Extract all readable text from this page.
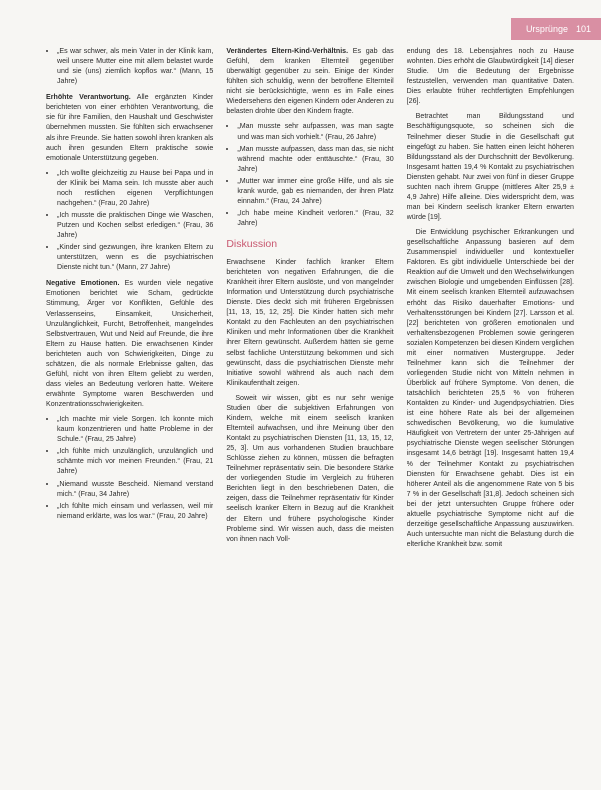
Ursprünge 101
• „Es war schwer, als mein Vater in der Klinik kam, weil unsere Mutter eine mit allem belastet wurde und sie (uns) ziemlich kopflos war.“ (Mann, 15 Jahre)

Erhöhte Verantwortung. Alle ergänzten Kinder berichteten von einer erhöhten Verantwortung, die sie für ihre Familien, den Haushalt und Geschwister übernehmen mussten. Sie fühlten sich erwachsener als ihre Freunde. Sie hatten sowohl ihren kranken als auch ihren gesunden Eltern praktische sowie emotionale Unterstützung gegeben.

• „Ich wollte gleichzeitig zu Hause bei Papa und in der Klinik bei Mama sein. Ich musste aber auch noch restlichen eigenen Verpflichtungen nachgehen.“ (Frau, 20 Jahre)
• „Ich musste die praktischen Dinge wie Waschen, Putzen und Kochen selbst erledigen.“ (Frau, 36 Jahre)
• „Kinder sind gezwungen, ihre kranken Eltern zu unterstützen, wenn es die psychiatrischen Dienste nicht tun.“ (Mann, 27 Jahre)

Negative Emotionen. Es wurden viele negative Emotionen berichtet wie Scham, gedrückte Stimmung, Ärger vor Konflikten, Gefühle des Verlassenseins, Einsamkeit, Unsicherheit, Unzulänglichkeit, Furcht, Betroffenheit, mangelndes Selbstvertrauen, Wut und Neid auf Freunde, die ihre Eltern zu Hause hatten. Die erwachsenen Kinder berichteten auch von Schwierigkeiten, Dinge zu schätzen, die als normale Erlebnisse galten, das Gefühl, nicht von ihren Eltern geliebt zu werden, dass vieles an Bedeutung verloren hatte. Weitere erwähnte Symptome waren Beschwerden und Konzentrationsschwierigkeiten.

• „Ich machte mir viele Sorgen. Ich konnte mich kaum konzentrieren und hatte Probleme in der Schule.“ (Frau, 25 Jahre)
• „Ich fühlte mich unzulänglich, unzulänglich und schämte mich vor meinen Freunden.“ (Frau, 21 Jahre)
• „Niemand wusste Bescheid. Niemand verstand mich.“ (Frau, 34 Jahre)
• „Ich fühlte mich einsam und verlassen, weil mir niemand erklärte, was los war.“ (Frau, 20 Jahre)

Verändertes Eltern-Kind-Verhältnis. Es gab das Gefühl, dem kranken Elternteil gegenüber überwältigt gegenüber zu sein. Einige der Kinder fühlten sich schuldig, wenn der betroffene Elternteil nicht sie berücksichtigte, wenn es im Falle eines Wiedersehens den eigenen Kindern oder Anderen zu belasten drohte über den Kindern fragte.

• „Man musste sehr aufpassen, was man sagte und was man sich vorhielt.“ (Frau, 26 Jahre)
• „Man musste aufpassen, dass man das, sie nicht während machte oder enttäuschte.“ (Frau, 30 Jahre)
• „Mutter war immer eine große Hilfe, und als sie krank wurde, gab es niemanden, der ihren Platz einnahm.“ (Frau, 24 Jahre)
• „Ich habe meine Kindheit verloren.“ (Frau, 32 Jahre)
Diskussion

Erwachsene Kinder fachlich kranker Eltern berichteten von negativen Erfahrungen, die die Krankheit ihrer Eltern auslöste, und von mangelnder Information und Unterstützung durch psychiatrische Dienste. Dies deckt sich mit früheren Ergebnissen [11, 13, 15, 12, 25]. Die Kinder hatten sich mehr Kontakt zu den Fachleuten an den psychiatrischen Kliniken und mehr Informationen über die Krankheit ihrer Eltern gewünscht. Außerdem hätten sie gerne selbst fachliche Unterstützung bekommen und sich gewünscht, dass die psychiatrischen Dienste mehr Initiative sowohl während als auch nach dem Klinikaufenthalt zeigen.

Soweit wir wissen, gibt es nur sehr wenige Studien über die subjektiven Erfahrungen von Kindern, welche mit einem seelisch kranken Elternteil aufwachsen, und ihre Meinung über den Kontakt zu psychiatrischen Diensten [11, 13, 15, 12, 25, 3]. Um aus vorhandenen Studien brauchbare Schlüsse ziehen zu können, müssen die befragten Teilnehmer repräsentativ sein. Die besondere Stärke der vorliegenden Studie im Vergleich zu früheren Berichten liegt in den beschriebenen Daten, die zeigen, dass die Teilnehmer repräsentativ für Kinder seelisch kranker Eltern in Bezug auf die Krankheit der Eltern und frühere psychologische Kinder Probleme sind. Wir wissen auch, dass die meisten von ihnen nach Voll-

endung des 18. Lebensjahres noch zu Hause wohnten. Dies erhöht die Glaubwürdigkeit [14] dieser Studie. Um die Bedeutung der Ergebnisse festzustellen, verwenden man quantitative Daten. Dies erlaubte früher rechtfertigten Empfehlungen [26].

Betrachtet man Bildungsstand und Beschäftigungsquote, so scheinen sich die Teilnehmer dieser Studie in die Gesellschaft gut eingefügt zu haben. Sie hatten einen leicht höheren Bildungsstand als der Durchschnitt der Bevölkerung. Insgesamt hatten 19,4 % Kontakt zu psychiatrischen Diensten gehabt. Nur zwei von fünf in dieser Gruppe suchten nach ihrem Gruppe (mittleres Alter 25,9 ± 4,9 Jahre) Hilfe alleine. Dies widerspricht dem, was man bei Kindern seelisch kranker Eltern erwarten würde [19].

Die Entwicklung psychischer Erkrankungen und gesellschaftliche Anpassung basieren auf dem Zusammenspiel individueller und kontextueller Faktoren. Es gibt individuelle Unterschiede bei der Reaktion auf die Umwelt und den Wechselwirkungen zwischen Biologie und umgebenden Einflüssen [28]. Mit einem seelisch kranken Elternteil aufzuwachsen erhöht das Risiko dauerhafter Emotions- und Verhaltensstörungen bei Kindern [27]. Larsson et al. [22] berichteten von größeren emotionalen und verhaltensbezogenen Problemen sowie geringeren sozialen Kompetenzen bei diesen Kindern verglichen mit einer normativen Mustergruppe. Jeder Teilnehmer kann sich die Teilnehmer der vorliegenden Studie nicht von Mitteln nehmen in Überblick auf frühere Symptome. Von denen, die tatsächlich berichteten 25,5 % von früheren Kontakten zu Kinder- und Jugendpsychiatrien. Dies ist eine höhere Rate als bei der allgemeinen schwedischen Bevölkerung, wo die kumulative Häufigkeit von Vertretern der unter 25-Jährigen auf psychiatrische Dienste wegen seelischer Störungen insgesamt 14,6 beträgt [19]. Insgesamt hatten 19,4 % der Teilnehmer Kontakt zu psychiatrischen Diensten für Erwachsene gehabt. Dies ist ein höherer Anteil als die angenommene Rate von 5 bis 7 % in der Gesellschaft [31,8]. Jedoch scheinen sich bei der jetzt untersuchten Gruppe frühere oder aktuelle psychiatrische Symptome nicht auf die derzeitige gesellschaftliche Anpassung auszuwirken. Auch untersuchte man nicht die Belastung durch die elterliche Krankheit bzw. somit
